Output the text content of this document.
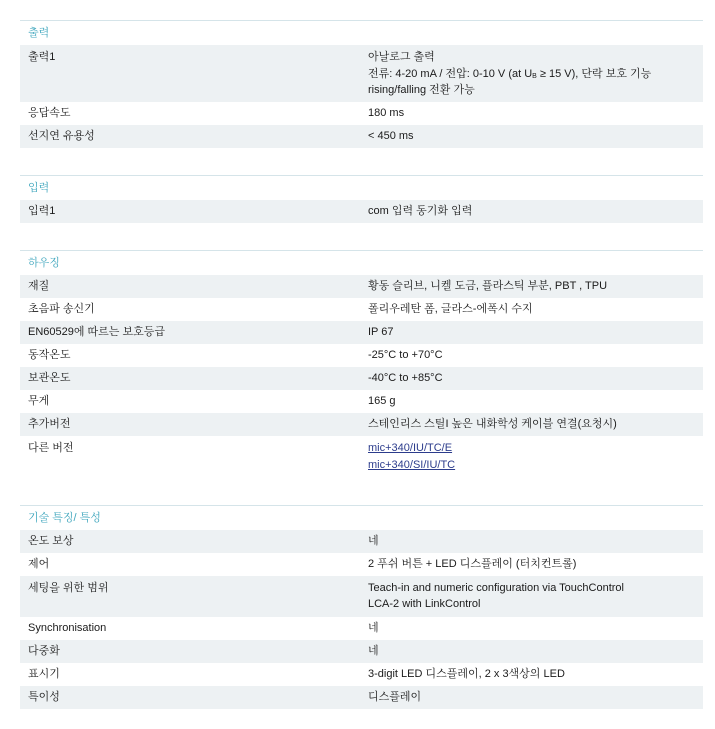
출력
출력1	아날로그 출력
전류: 4-20 mA / 전압: 0-10 V (at $U_B \ge 15$ V), 단락 보호 기능
rising/falling 전환 가능
응답속도	180 ms
선지연 유용성	< 450 ms
입력
입력1	com 입력 동기화 입력
하우징
재질	황동 슬리브, 니켈 도금, 플라스틱 부분, PBT , TPU
초음파 송신기	폴리우레탄 폼, 글라스-에폭시 수지
EN60529에 따르는 보호등급	IP 67
동작온도	-25°C to +70°C
보관온도	-40°C to +85°C
무게	165 g
추가버전	스테인리스 스틸I 높은 내화학성 케이블 연결(요청시)
다른 버전	mic+340/IU/TC/E
mic+340/SI/IU/TC
기술 특징/ 특성
온도 보상	네
제어	2 푸쉬 버튼 + LED 디스플레이 (터치컨트롤)
세팅을 위한 범위	Teach-in and numeric configuration via TouchControl
LCA-2 with LinkControl
Synchronisation	네
다중화	네
표시기	3-digit LED 디스플레이, 2 x 3색상의 LED
특이성	디스플레이
